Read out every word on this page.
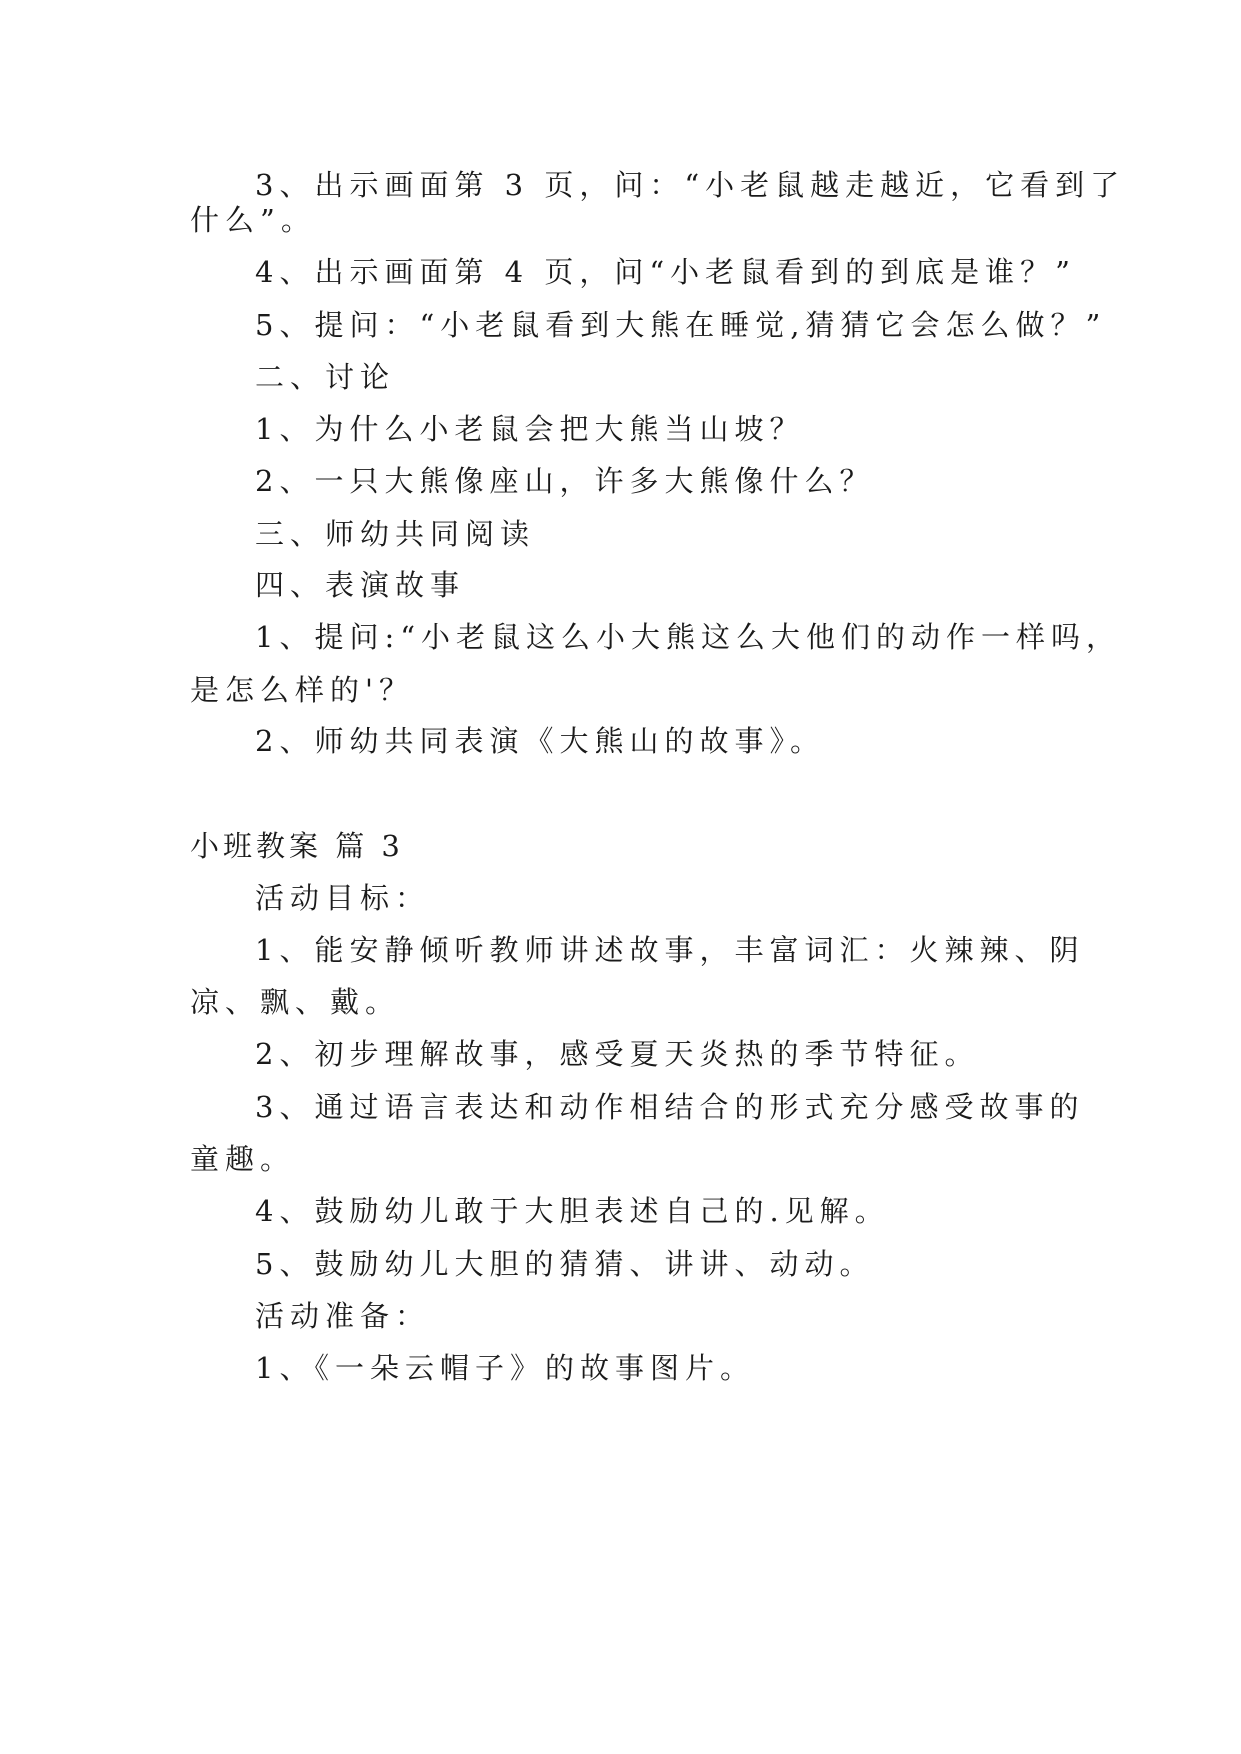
3、出示画面第 3 页，问：“小老鼠越走越近，它看到了
什么”。
4、出示画面第 4 页，问“小老鼠看到的到底是谁？”
5、提问：“小老鼠看到大熊在睡觉,猜猜它会怎么做？”
二、讨论
1、为什么小老鼠会把大熊当山坡？
2、一只大熊像座山，许多大熊像什么？
三、师幼共同阅读
四、表演故事
1、提问:“小老鼠这么小大熊这么大他们的动作一样吗，
是怎么样的'？
2、师幼共同表演《大熊山的故事》。
小班教案 篇 3
活动目标：
1、能安静倾听教师讲述故事，丰富词汇：火辣辣、阴
凉、飘、戴。
2、初步理解故事，感受夏天炎热的季节特征。
3、通过语言表达和动作相结合的形式充分感受故事的
童趣。
4、鼓励幼儿敢于大胆表述自己的.见解。
5、鼓励幼儿大胆的猜猜、讲讲、动动。
活动准备：
1、《一朵云帽子》的故事图片。
